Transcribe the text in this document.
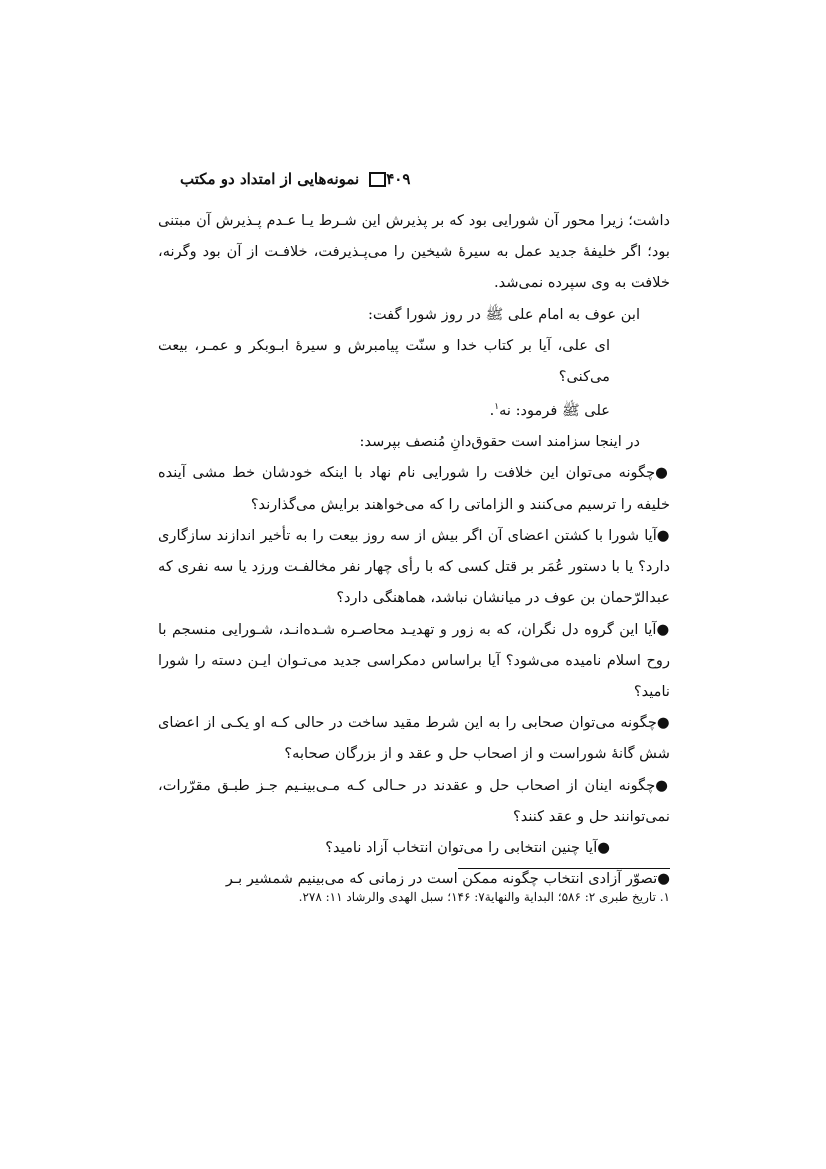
نمونه‌هایی از امتداد دو مکتب ۴۰۹

داشت؛ زیرا محور آن شورایی بود که بر پذیرش این شـرط یـا عـدم پـذیرش آن مبتنی بود؛ اگر خلیفهٔ جدید عمل به سیرهٔ شیخین را می‌پـذیرفت، خلافـت از آن بود وگرنه، خلافت به وی سپرده نمی‌شد.

ابن عوف به امام علی ﷺ در روز شورا گفت:

ای علی، آیا بر کتاب خدا و سنّت پیامبرش و سیرهٔ ابـوبکر و عمـر، بیعت می‌کنی؟

علی ﷺ فرمود: نه$^۱$.

در اینجا سزامند است حقوق‌دانِ مُنصف بپرسد:

●چگونه می‌توان این خلافت را شورایی نام نهاد با اینکه خودشان خط مشی آینده خلیفه را ترسیم می‌کنند و الزاماتی را که می‌خواهند برایش می‌گذارند؟

●آیا شورا با کشتن اعضای آن اگر بیش از سه روز بیعت را به تأخیر اندازند سازگاری دارد؟ یا با دستور عُمَر بر قتل کسی که با رأی چهار نفر مخالفـت ورزد یا سه نفری که عبدالرّحمان بن عوف در میانشان نباشد، هماهنگی دارد؟

●آیا این گروه دل نگران، که به زور و تهدیـد محاصـره شـده‌انـد، شـورایی منسجم با روح اسلام نامیده می‌شود؟ آیا براساس دمکراسی جدید می‌تـوان ایـن دسته را شورا نامید؟

●چگونه می‌توان صحابی را به این شرط مقید ساخت در حالی کـه او یکـی از اعضای شش گانهٔ شوراست و از اصحاب حل و عقد و از بزرگان صحابه؟

●چگونه اینان از اصحاب حل و عقدند در حـالی کـه مـی‌بینـیم جـز طبـق مقرّرات، نمی‌توانند حل و عقد کنند؟

●آیا چنین انتخابی را می‌توان انتخاب آزاد نامید؟

●تصوّر آزادی انتخاب چگونه ممکن است در زمانی که می‌بینیم شمشیر بـر

۱. تاریخ طبری ۲: ۵۸۶؛ البدایة والنهایة۷: ۱۴۶؛ سبل الهدی والرشاد ۱۱: ۲۷۸.
